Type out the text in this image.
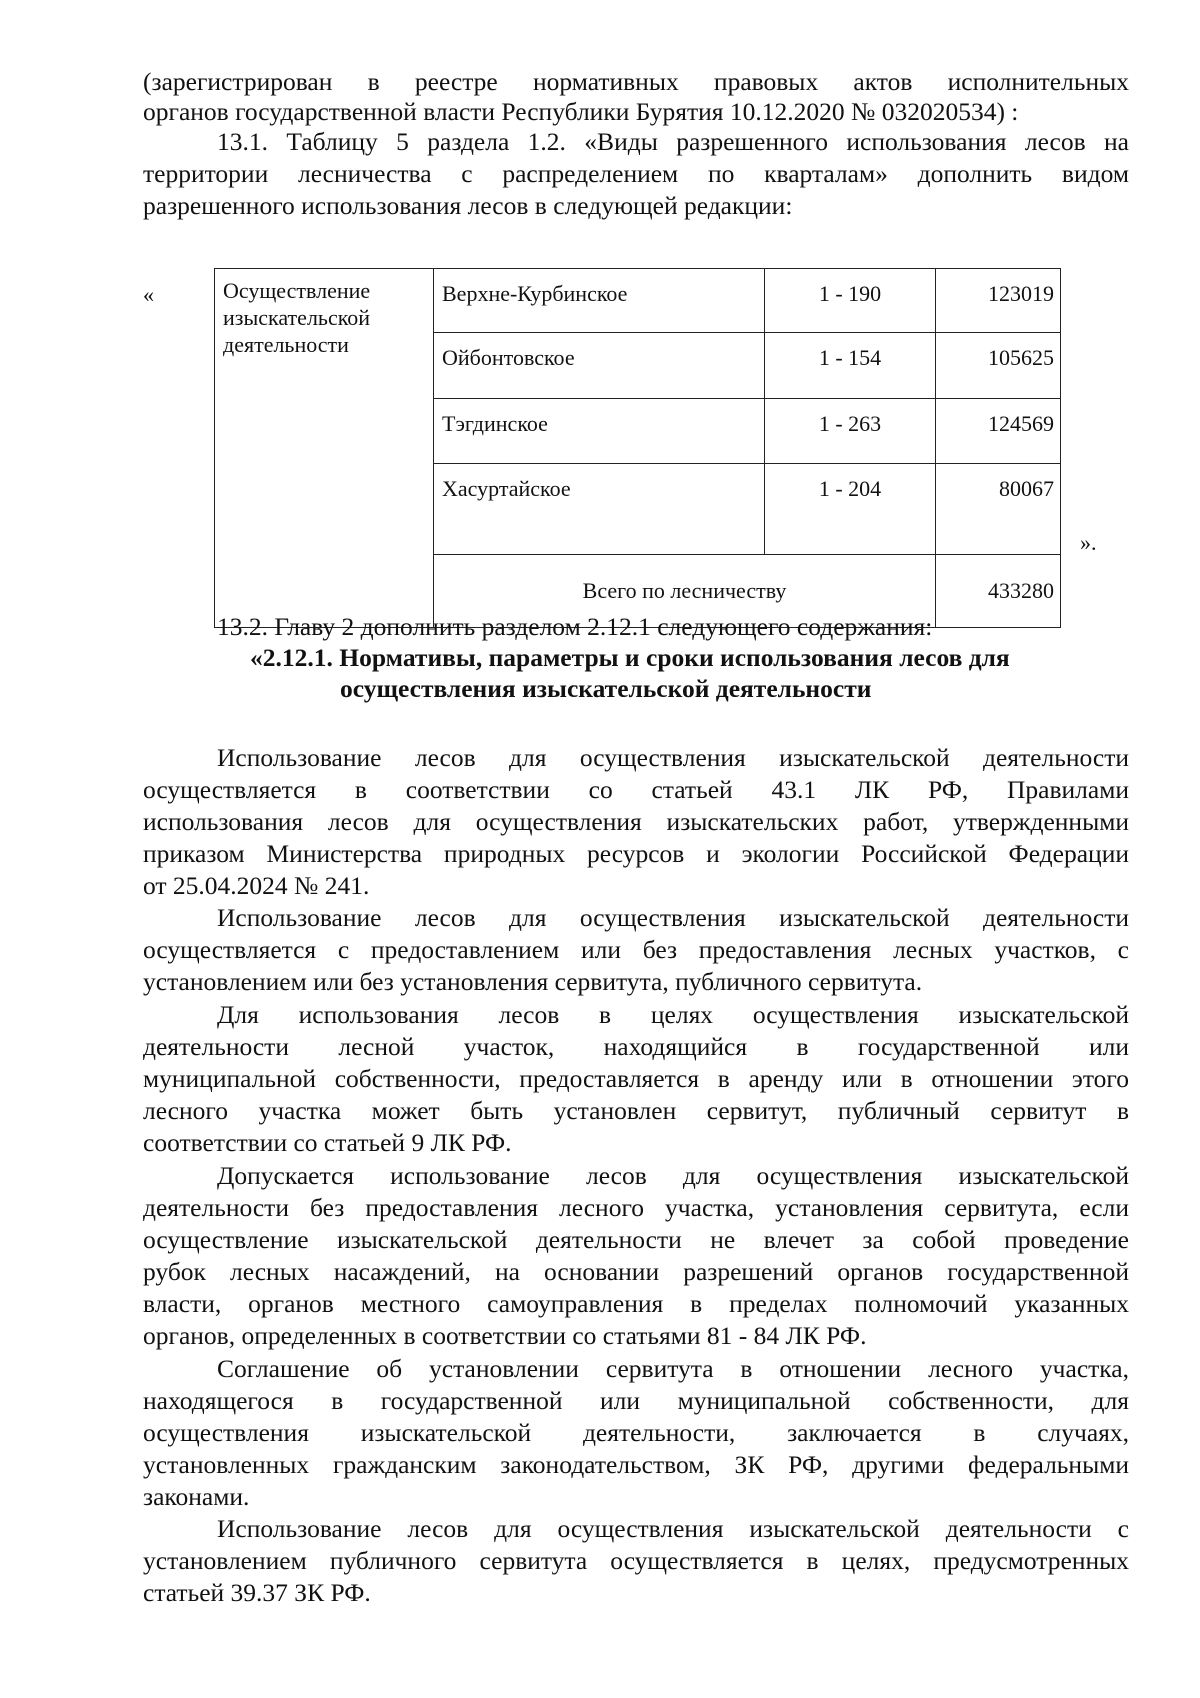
(зарегистрирован в реестре нормативных правовых актов исполнительных
органов государственной власти Республики Бурятия 10.12.2020 № 032020534) :
13.1. Таблицу 5 раздела 1.2. «Виды разрешенного использования лесов на
территории лесничества с распределением по кварталам» дополнить видом
разрешенного использования лесов в следующей редакции:
«	Осуществление изыскательской деятельности	Верхне-Курбинское	1 - 190	123019
	Ойбонтовское	1 - 154	105625
	Тэгдинское	1 - 263	124569
	Хасуртайское	1 - 204	80067
	Всего по лесничеству		433280
».
13.2. Главу 2 дополнить разделом 2.12.1 следующего содержания:
«2.12.1. Нормативы, параметры и сроки использования лесов для
осуществления изыскательской деятельности
Использование лесов для осуществления изыскательской деятельности
осуществляется в соответствии со статьей 43.1 ЛК РФ, Правилами
использования лесов для осуществления изыскательских работ, утвержденными
приказом Министерства природных ресурсов и экологии Российской Федерации
от 25.04.2024 № 241.
Использование лесов для осуществления изыскательской деятельности
осуществляется с предоставлением или без предоставления лесных участков, с
установлением или без установления сервитута, публичного сервитута.
Для использования лесов в целях осуществления изыскательской
деятельности лесной участок, находящийся в государственной или
муниципальной собственности, предоставляется в аренду или в отношении этого
лесного участка может быть установлен сервитут, публичный сервитут в
соответствии со статьей 9 ЛК РФ.
Допускается использование лесов для осуществления изыскательской
деятельности без предоставления лесного участка, установления сервитута, если
осуществление изыскательской деятельности не влечет за собой проведение
рубок лесных насаждений, на основании разрешений органов государственной
власти, органов местного самоуправления в пределах полномочий указанных
органов, определенных в соответствии со статьями 81 - 84 ЛК РФ.
Соглашение об установлении сервитута в отношении лесного участка,
находящегося в государственной или муниципальной собственности, для
осуществления изыскательской деятельности, заключается в случаях,
установленных гражданским законодательством, ЗК РФ, другими федеральными
законами.
Использование лесов для осуществления изыскательской деятельности с
установлением публичного сервитута осуществляется в целях, предусмотренных
статьей 39.37 ЗК РФ.
